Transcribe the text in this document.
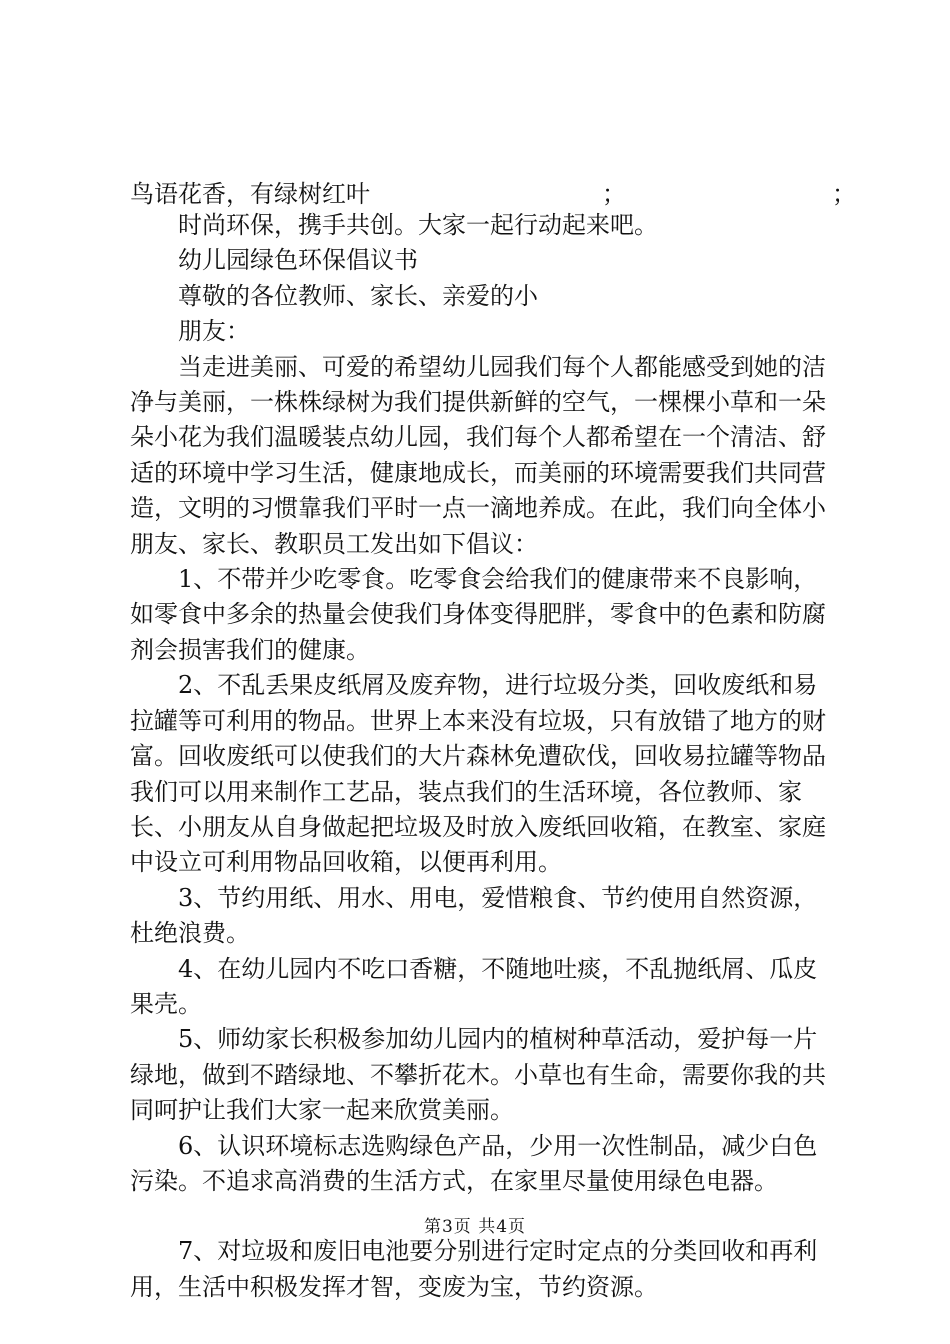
鸟语花香，有绿树红叶	；	；

时尚环保，携手共创。大家一起行动起来吧。

幼儿园绿色环保倡议书

尊敬的各位教师、家长、亲爱的小

朋友：

当走进美丽、可爱的希望幼儿园我们每个人都能感受到她的洁净与美丽，一株株绿树为我们提供新鲜的空气，一棵棵小草和一朵朵小花为我们温暖装点幼儿园，我们每个人都希望在一个清洁、舒适的环境中学习生活，健康地成长，而美丽的环境需要我们共同营造，文明的习惯靠我们平时一点一滴地养成。在此，我们向全体小朋友、家长、教职员工发出如下倡议：

1、不带并少吃零食。吃零食会给我们的健康带来不良影响，如零食中多余的热量会使我们身体变得肥胖，零食中的色素和防腐剂会损害我们的健康。

2、不乱丢果皮纸屑及废弃物，进行垃圾分类，回收废纸和易拉罐等可利用的物品。世界上本来没有垃圾，只有放错了地方的财富。回收废纸可以使我们的大片森林免遭砍伐，回收易拉罐等物品我们可以用来制作工艺品，装点我们的生活环境，各位教师、家长、小朋友从自身做起把垃圾及时放入废纸回收箱，在教室、家庭中设立可利用物品回收箱，以便再利用。

3、节约用纸、用水、用电，爱惜粮食、节约使用自然资源，杜绝浪费。

4、在幼儿园内不吃口香糖，不随地吐痰，不乱抛纸屑、瓜皮果壳。

5、师幼家长积极参加幼儿园内的植树种草活动，爱护每一片绿地，做到不踏绿地、不攀折花木。小草也有生命，需要你我的共同呵护让我们大家一起来欣赏美丽。

6、认识环境标志选购绿色产品，少用一次性制品，减少白色污染。不追求高消费的生活方式，在家里尽量使用绿色电器。

7、对垃圾和废旧电池要分别进行定时定点的分类回收和再利用，生活中积极发挥才智，变废为宝，节约资源。

第3页 共4页
